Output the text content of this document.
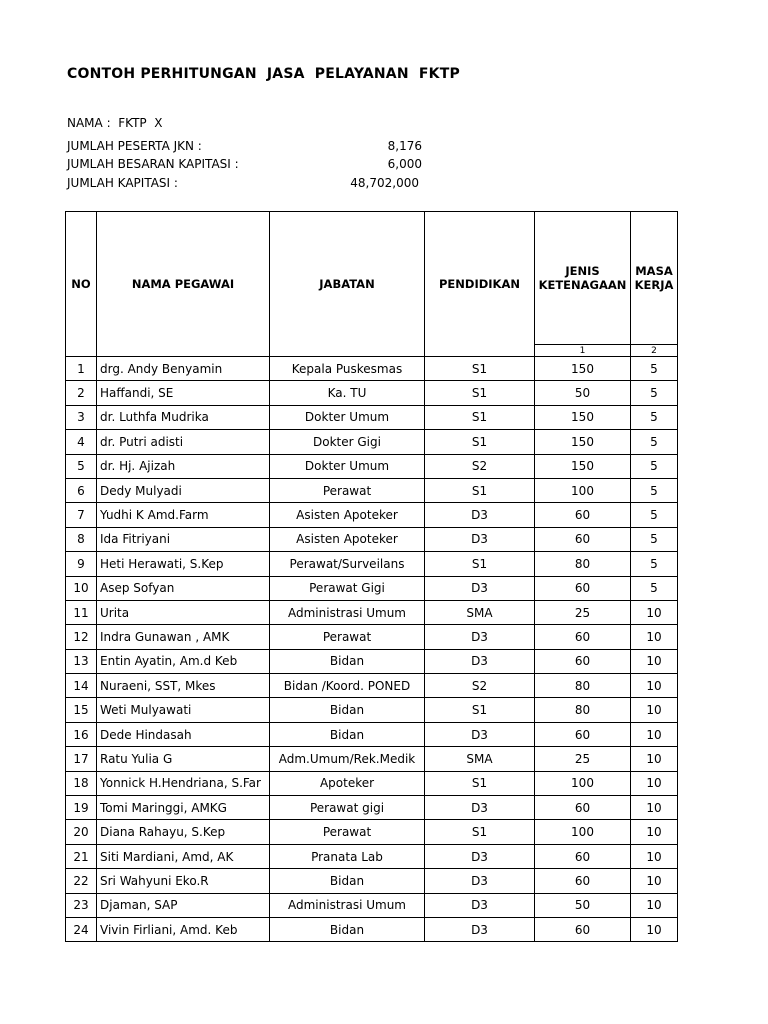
CONTOH PERHITUNGAN  JASA  PELAYANAN  FKTP
NAMA :  FKTP  X
JUMLAH PESERTA JKN :	8,176
JUMLAH BESARAN KAPITASI :	6,000
JUMLAH KAPITASI :	48,702,000
NO	NAMA PEGAWAI	JABATAN	PENDIDIKAN	JENIS KETENAGAAN	MASA KERJA
				1	2
1	drg. Andy Benyamin	Kepala Puskesmas	S1	150	5
2	Haffandi, SE	Ka. TU	S1	50	5
3	dr. Luthfa Mudrika	Dokter Umum	S1	150	5
4	dr. Putri adisti	Dokter Gigi	S1	150	5
5	dr. Hj. Ajizah	Dokter Umum	S2	150	5
6	Dedy Mulyadi	Perawat	S1	100	5
7	Yudhi K Amd.Farm	Asisten Apoteker	D3	60	5
8	Ida Fitriyani	Asisten Apoteker	D3	60	5
9	Heti Herawati, S.Kep	Perawat/Surveilans	S1	80	5
10	Asep Sofyan	Perawat Gigi	D3	60	5
11	Urita	Administrasi Umum	SMA	25	10
12	Indra Gunawan , AMK	Perawat	D3	60	10
13	Entin Ayatin, Am.d Keb	Bidan	D3	60	10
14	Nuraeni, SST, Mkes	Bidan /Koord. PONED	S2	80	10
15	Weti Mulyawati	Bidan	S1	80	10
16	Dede Hindasah	Bidan	D3	60	10
17	Ratu Yulia G	Adm.Umum/Rek.Medik	SMA	25	10
18	Yonnick H.Hendriana, S.Far	Apoteker	S1	100	10
19	Tomi Maringgi, AMKG	Perawat gigi	D3	60	10
20	Diana Rahayu, S.Kep	Perawat	S1	100	10
21	Siti Mardiani, Amd, AK	Pranata Lab	D3	60	10
22	Sri Wahyuni Eko.R	Bidan	D3	60	10
23	Djaman, SAP	Administrasi Umum	D3	50	10
24	Vivin Firliani, Amd. Keb	Bidan	D3	60	10
